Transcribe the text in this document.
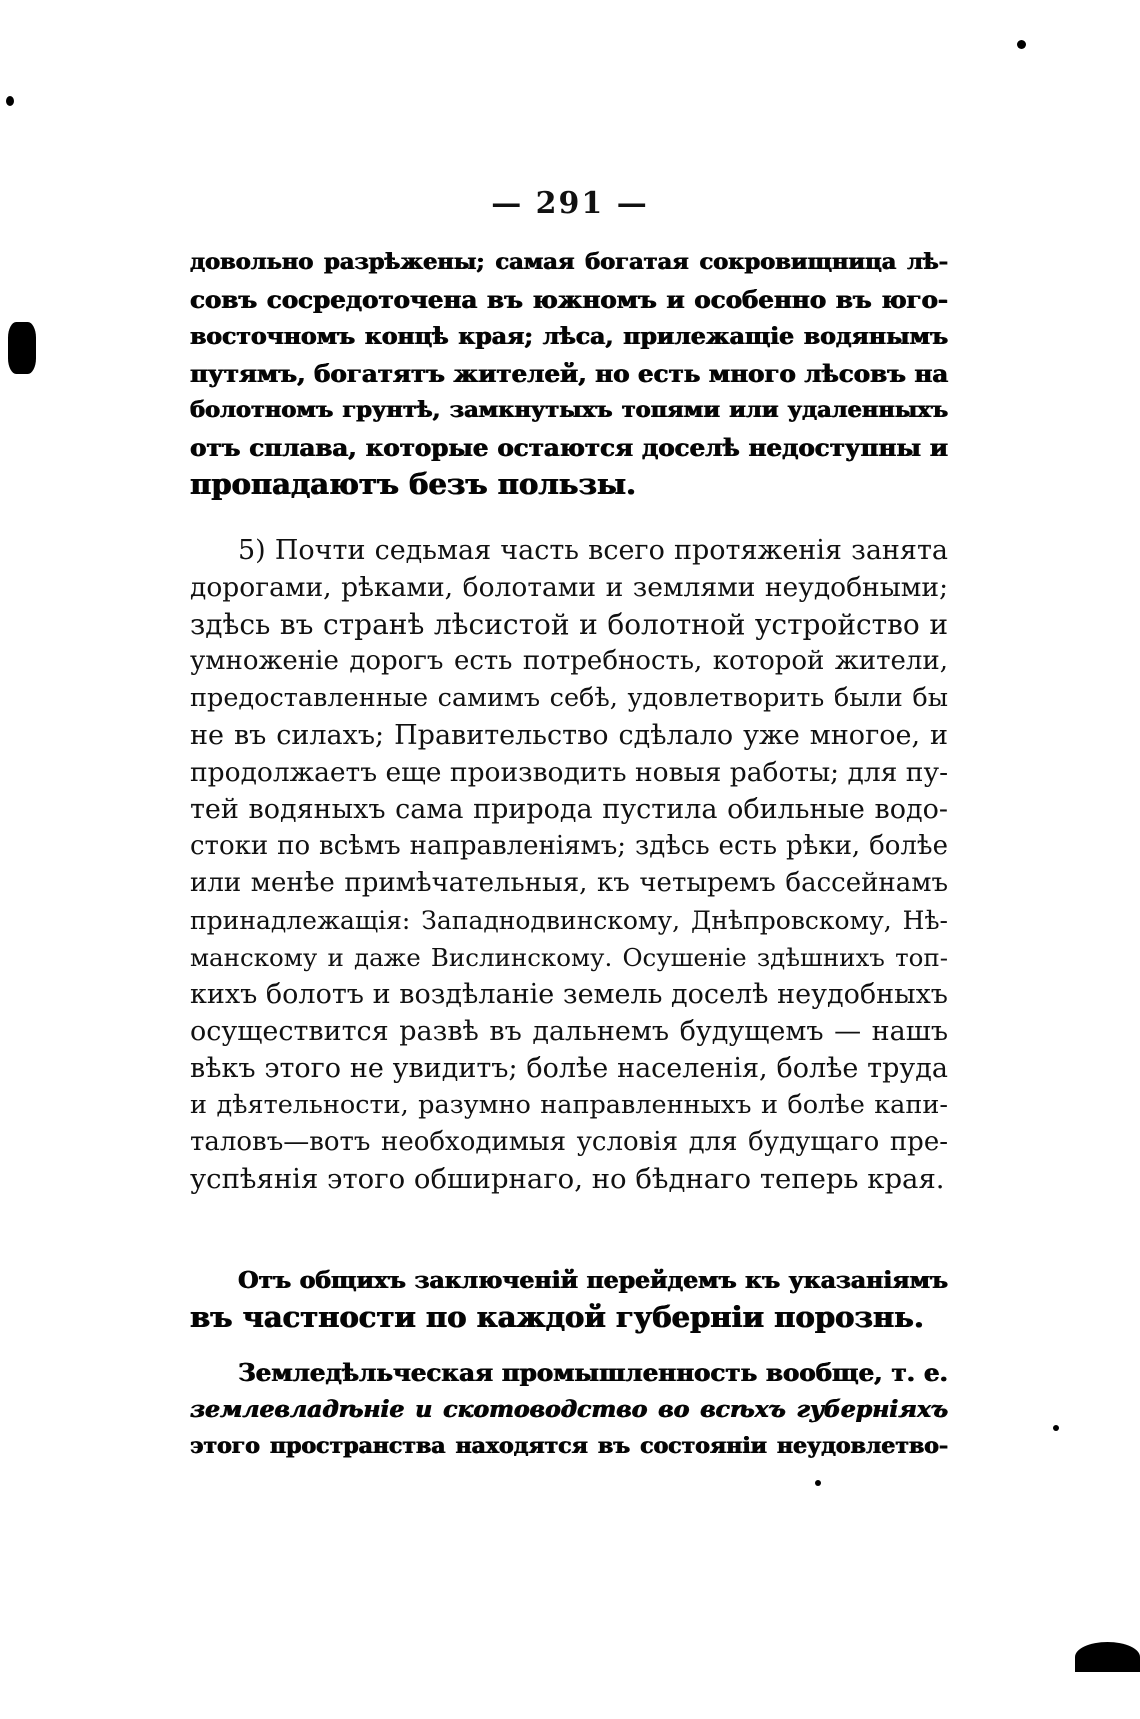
— 291 —
довольно разрѣжены; самая богатая сокровищница лѣ-
совъ сосредоточена въ южномъ и особенно въ юго-
восточномъ концѣ края; лѣса, прилежащіе водянымъ
путямъ, богатятъ жителей, но есть много лѣсовъ на
болотномъ грунтѣ, замкнутыхъ топями или удаленныхъ
отъ сплава, которые остаются доселѣ недоступны и
пропадаютъ безъ пользы.
5) Почти седьмая часть всего протяженія занята
дорогами, рѣками, болотами и землями неудобными;
здѣсь въ странѣ лѣсистой и болотной устройство и
умноженіе дорогъ есть потребность, которой жители,
предоставленные самимъ себѣ, удовлетворить были бы
не въ силахъ; Правительство сдѣлало уже многое, и
продолжаетъ еще производить новыя работы; для пу-
тей водяныхъ сама природа пустила обильные водо-
стоки по всѣмъ направленіямъ; здѣсь есть рѣки, болѣе
или менѣе примѣчательныя, къ четыремъ бассейнамъ
принадлежащія: Западнодвинскому, Днѣпровскому, Нѣ-
манскому и даже Вислинскому. Осушеніе здѣшнихъ топ-
кихъ болотъ и воздѣланіе земель доселѣ неудобныхъ
осуществится развѣ въ дальнемъ будущемъ — нашъ
вѣкъ этого не увидитъ; болѣе населенія, болѣе труда
и дѣятельности, разумно направленныхъ и болѣе капи-
таловъ—вотъ необходимыя условія для будущаго пре-
успѣянія этого обширнаго, но бѣднаго теперь края.
Отъ общихъ заключеній перейдемъ къ указаніямъ
въ частности по каждой губерніи порознь.
Земледѣльческая промышленность вообще, т. е.
землевладѣніе и скотоводство во всѣхъ губерніяхъ
этого пространства находятся въ состояніи неудовлетво-
